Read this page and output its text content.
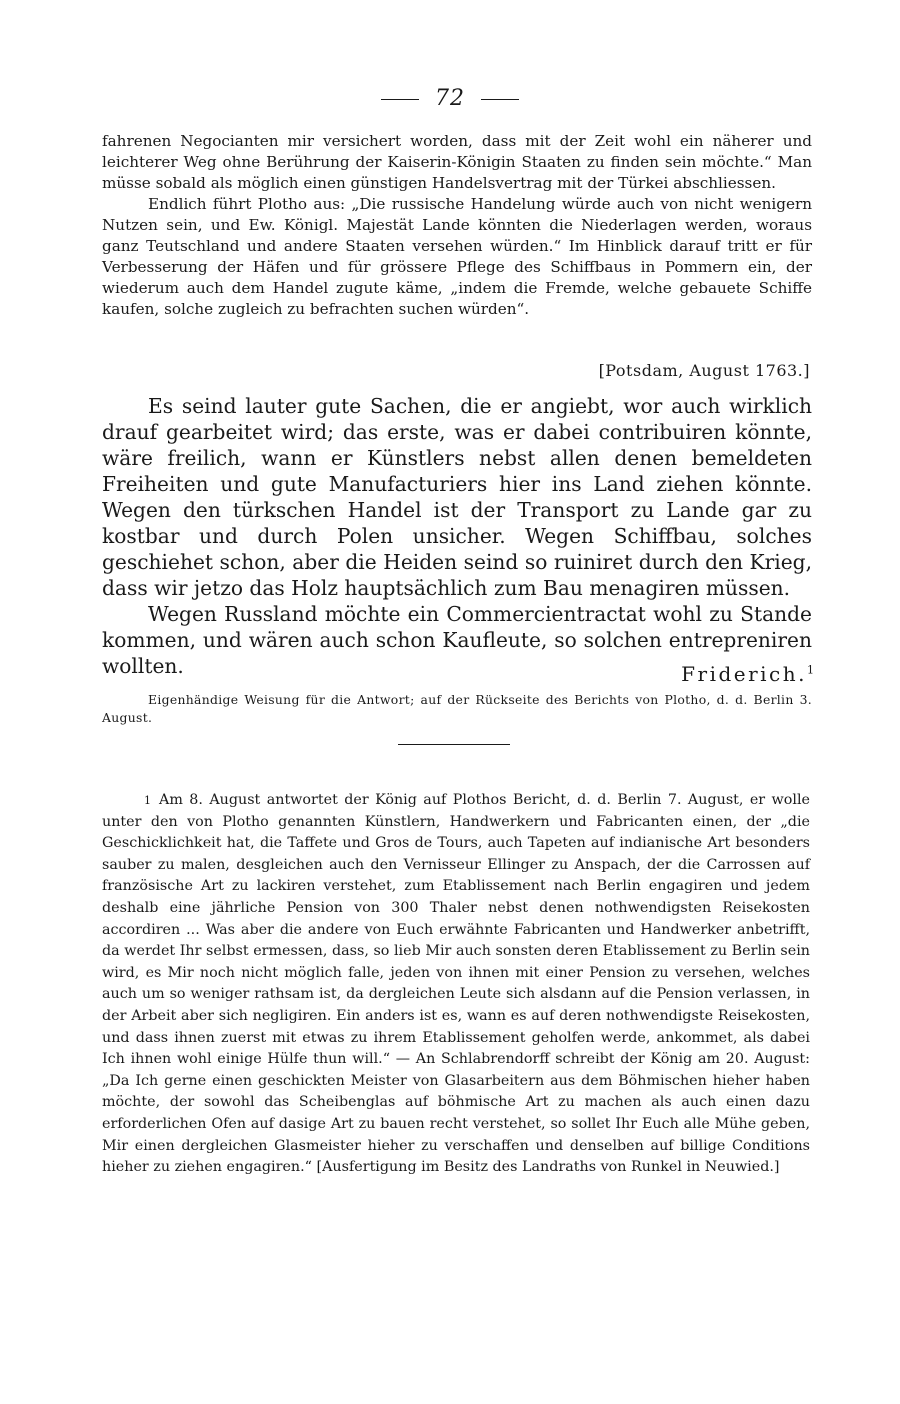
72

fahrenen Negocianten mir versichert worden, dass mit der Zeit wohl ein näherer und leichterer Weg ohne Berührung der Kaiserin-Königin Staaten zu finden sein möchte.“ Man müsse sobald als möglich einen günstigen Handelsvertrag mit der Türkei abschliessen.

Endlich führt Plotho aus: „Die russische Handelung würde auch von nicht wenigern Nutzen sein, und Ew. Königl. Majestät Lande könnten die Niederlagen werden, woraus ganz Teutschland und andere Staaten versehen würden.“ Im Hinblick darauf tritt er für Verbesserung der Häfen und für grössere Pflege des Schiffbaus in Pommern ein, der wiederum auch dem Handel zugute käme, „indem die Fremde, welche gebauete Schiffe kaufen, solche zugleich zu befrachten suchen würden“.

[Potsdam, August 1763.]

Es seind lauter gute Sachen, die er angiebt, wor auch wirklich drauf gearbeitet wird; das erste, was er dabei contribuiren könnte, wäre freilich, wann er Künstlers nebst allen denen bemeldeten Freiheiten und gute Manufacturiers hier ins Land ziehen könnte. Wegen den türkschen Handel ist der Transport zu Lande gar zu kostbar und durch Polen unsicher. Wegen Schiffbau, solches geschiehet schon, aber die Heiden seind so ruiniret durch den Krieg, dass wir jetzo das Holz hauptsächlich zum Bau menagiren müssen.

Wegen Russland möchte ein Commercientractat wohl zu Stande kommen, und wären auch schon Kaufleute, so solchen entrepreniren wollten.	Friderich.$^1$
Eigenhändige Weisung für die Antwort; auf der Rückseite des Berichts von Plotho, d. d. Berlin 3. August.

1 Am 8. August antwortet der König auf Plothos Bericht, d. d. Berlin 7. August, er wolle unter den von Plotho genannten Künstlern, Handwerkern und Fabricanten einen, der „die Geschicklichkeit hat, die Taffete und Gros de Tours, auch Tapeten auf indianische Art besonders sauber zu malen, desgleichen auch den Vernisseur Ellinger zu Anspach, der die Carrossen auf französische Art zu lackiren verstehet, zum Etablissement nach Berlin engagiren und jedem deshalb eine jährliche Pension von 300 Thaler nebst denen nothwendigsten Reisekosten accordiren ... Was aber die andere von Euch erwähnte Fabricanten und Handwerker anbetrifft, da werdet Ihr selbst ermessen, dass, so lieb Mir auch sonsten deren Etablissement zu Berlin sein wird, es Mir noch nicht möglich falle, jeden von ihnen mit einer Pension zu versehen, welches auch um so weniger rathsam ist, da dergleichen Leute sich alsdann auf die Pension verlassen, in der Arbeit aber sich negligiren. Ein anders ist es, wann es auf deren nothwendigste Reisekosten, und dass ihnen zuerst mit etwas zu ihrem Etablissement geholfen werde, ankommet, als dabei Ich ihnen wohl einige Hülfe thun will.“ — An Schlabrendorff schreibt der König am 20. August: „Da Ich gerne einen geschickten Meister von Glasarbeitern aus dem Böhmischen hieher haben möchte, der sowohl das Scheibenglas auf böhmische Art zu machen als auch einen dazu erforderlichen Ofen auf dasige Art zu bauen recht verstehet, so sollet Ihr Euch alle Mühe geben, Mir einen dergleichen Glasmeister hieher zu verschaffen und denselben auf billige Conditions hieher zu ziehen engagiren.“ [Ausfertigung im Besitz des Landraths von Runkel in Neuwied.]
